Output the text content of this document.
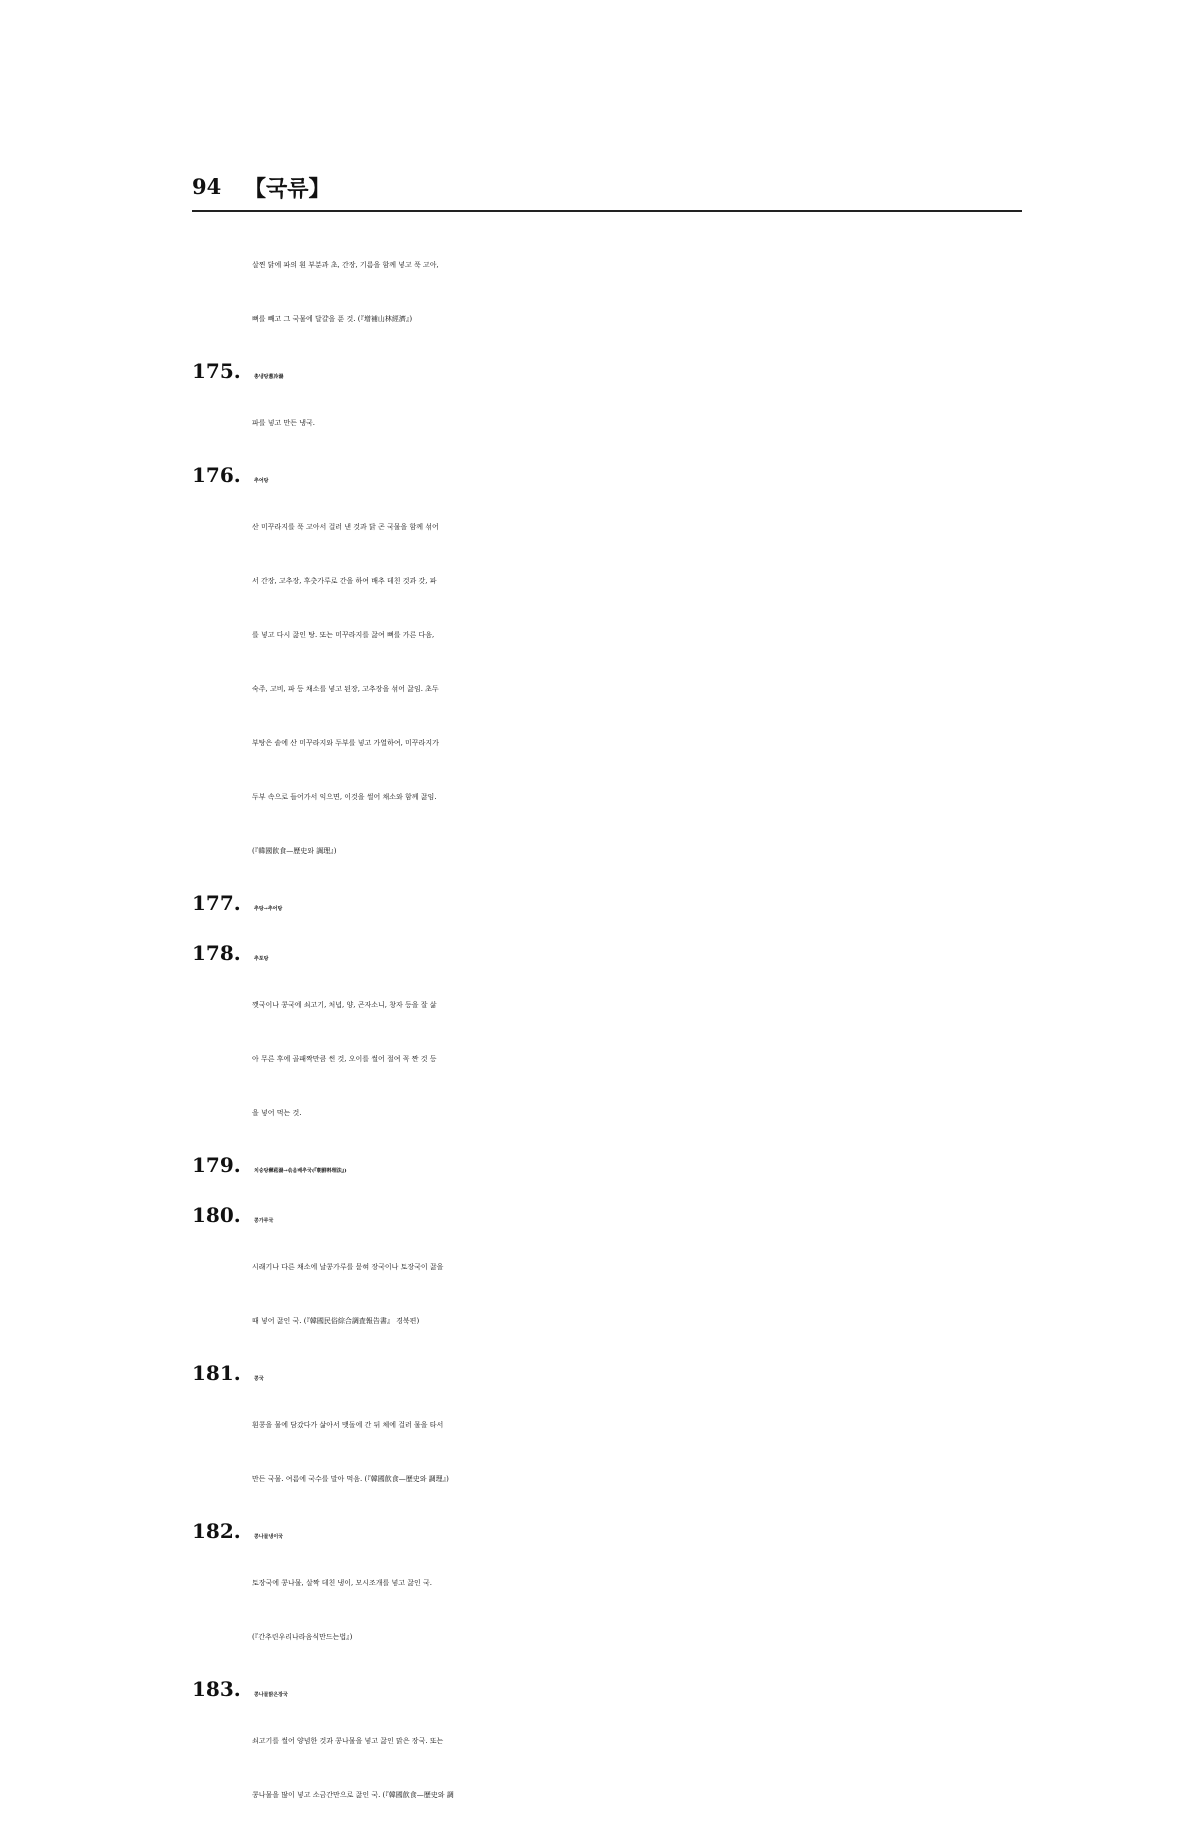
94 【국류】
살찐 닭에 파의 흰 부분과 초, 간장, 기름을 함께 넣고 푹 고아,
뼈를 빼고 그 국물에 달걀을 푼 것. (『增補山林經濟』)
175.	총냉탕葱冷湯
파를 넣고 만든 냉국.
176.	추어탕
산 미꾸라지를 푹 고아서 걸러 낸 것과 닭 곤 국물을 함께 섞어
서 간장, 고추장, 후춧가루로 간을 하여 배추 데친 것과 갓, 파
를 넣고 다시 끓인 탕. 또는 미꾸라지를 끓여 뼈를 가른 다음,
숙주, 고비, 파 등 채소를 넣고 된장, 고추장을 섞어 끓임. 초두
부탕은 솥에 산 미꾸라지와 두부를 넣고 가열하여, 미꾸라지가
두부 속으로 들어가서 익으면, 이것을 썰어 채소와 함께 끓임.
(『韓國飮食—歷史와 調理』)
177.	추탕→추어탕
178.	추포탕
깻국이나 콩국에 쇠고기, 처녑, 양, 곤자소니, 창자 등을 잘 삶
아 무른 후에 골패짝만큼 썬 것, 오이를 썰어 절여 꼭 짠 것 등
을 넣어 먹는 것.
179.	치숭탕穉菘湯→솎음배추국(『朝鮮料理法』)
180.	콩가루국
시래기나 다른 채소에 날콩가루를 묻혀 장국이나 토장국이 끓을
때 넣어 끓인 국. (『韓國民俗綜合調査報告書』 경북편)
181.	콩국
흰콩을 물에 담갔다가 삶아서 맷돌에 간 뒤 체에 걸러 물을 타서
만든 국물. 여름에 국수를 말아 먹음. (『韓國飮食—歷史와 調理』)
182.	콩나물냉이국
토장국에 콩나물, 살짝 데친 냉이, 모시조개를 넣고 끓인 국.
(『간추린우리나라음식만드는법』)
183.	콩나물맑은장국
쇠고기를 썰어 양념한 것과 콩나물을 넣고 끓인 맑은 장국. 또는
콩나물을 많이 넣고 소금간만으로 끓인 국. (『韓國飮食—歷史와 調
